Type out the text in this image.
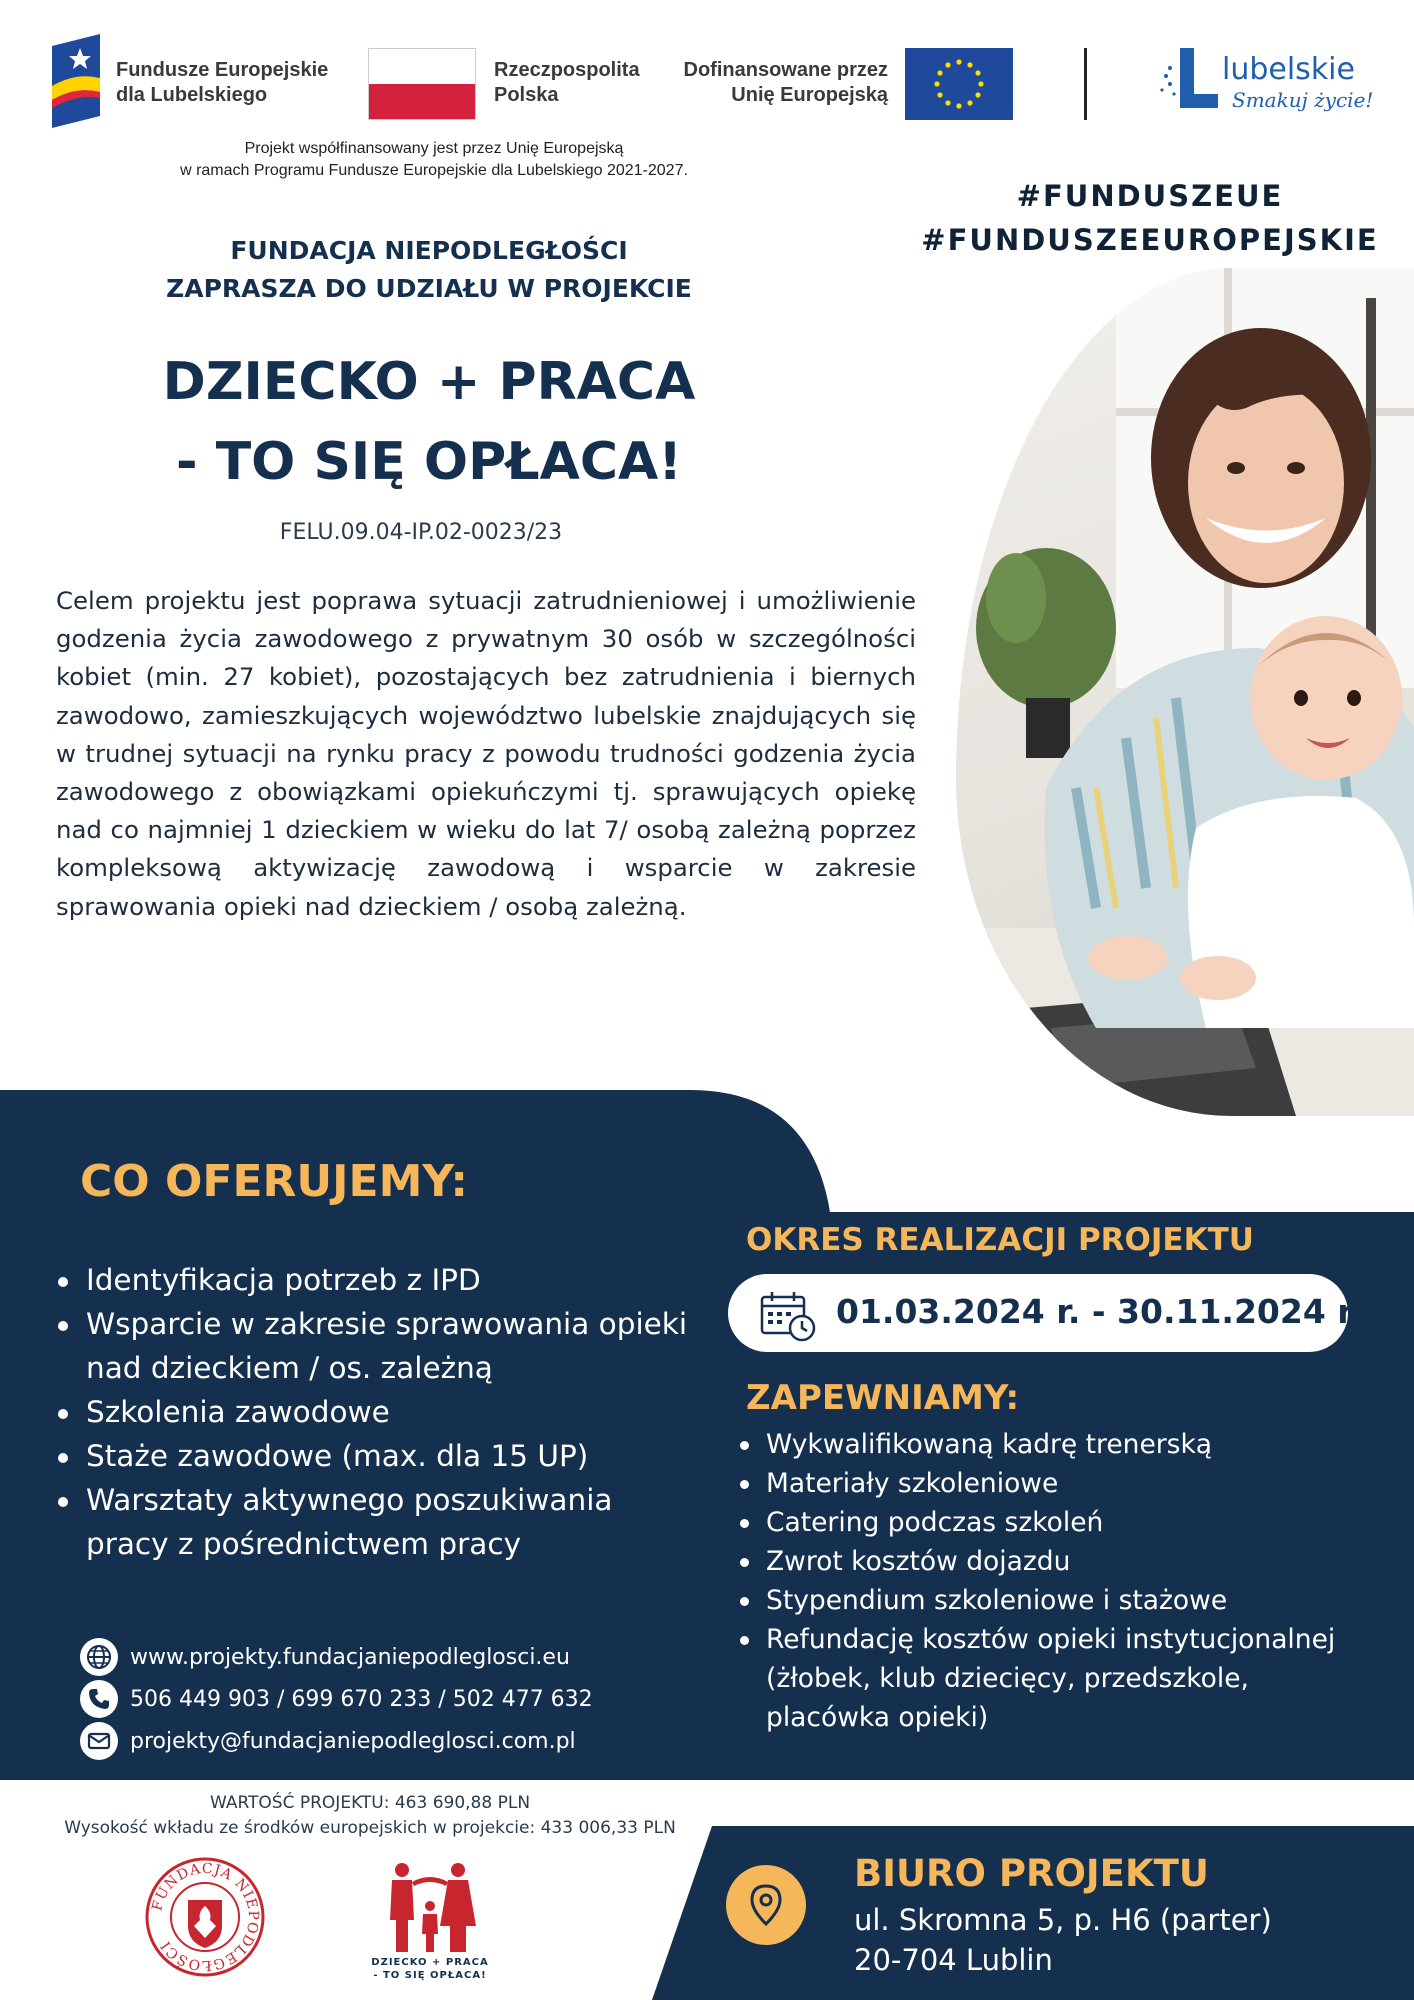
Fundusze Europejskie
dla Lubelskiego
Rzeczpospolita
Polska
Dofinansowane przez
Unię Europejską
lubelskie
Smakuj życie!
Projekt współfinansowany jest przez Unię Europejską
w ramach Programu Fundusze Europejskie dla Lubelskiego 2021-2027.
#FUNDUSZEUE
#FUNDUSZEEUROPEJSKIE
FUNDACJA NIEPODLEGŁOŚCI
ZAPRASZA DO UDZIAŁU W PROJEKCIE
DZIECKO + PRACA
- TO SIĘ OPŁACA!
FELU.09.04-IP.02-0023/23
Celem projektu jest poprawa sytuacji zatrudnieniowej i umożliwienie godzenia życia zawodowego z prywatnym 30 osób w szczególności kobiet (min. 27 kobiet), pozostających bez zatrudnienia i biernych zawodowo, zamieszkujących województwo lubelskie znajdujących się w trudnej sytuacji na rynku pracy z powodu trudności godzenia życia zawodowego z obowiązkami opiekuńczymi tj. sprawujących opiekę nad co najmniej 1 dzieckiem w wieku do lat 7/ osobą zależną poprzez kompleksową aktywizację zawodową i wsparcie w zakresie sprawowania opieki nad dzieckiem / osobą zależną.
CO OFERUJEMY:
Identyfikacja potrzeb z IPD
Wsparcie w zakresie sprawowania opieki nad dzieckiem / os. zależną
Szkolenia zawodowe
Staże zawodowe (max. dla 15 UP)
Warsztaty aktywnego poszukiwania pracy z pośrednictwem pracy
OKRES REALIZACJI PROJEKTU
01.03.2024 r. - 30.11.2024 r.
ZAPEWNIAMY:
Wykwalifikowaną kadrę trenerską
Materiały szkoleniowe
Catering podczas szkoleń
Zwrot kosztów dojazdu
Stypendium szkoleniowe i stażowe
Refundację kosztów opieki instytucjonalnej (żłobek, klub dziecięcy, przedszkole, placówka opieki)
www.projekty.fundacjaniepodleglosci.eu
506 449 903 / 699 670 233 / 502 477 632
projekty@fundacjaniepodleglosci.com.pl
WARTOŚĆ PROJEKTU: 463 690,88 PLN
Wysokość wkładu ze środków europejskich w projekcie: 433 006,33 PLN
FUNDACJA NIEPODLEGŁOŚCI
DZIECKO + PRACA
- TO SIĘ OPŁACA!
BIURO PROJEKTU
ul. Skromna 5, p. H6 (parter)
20-704 Lublin
